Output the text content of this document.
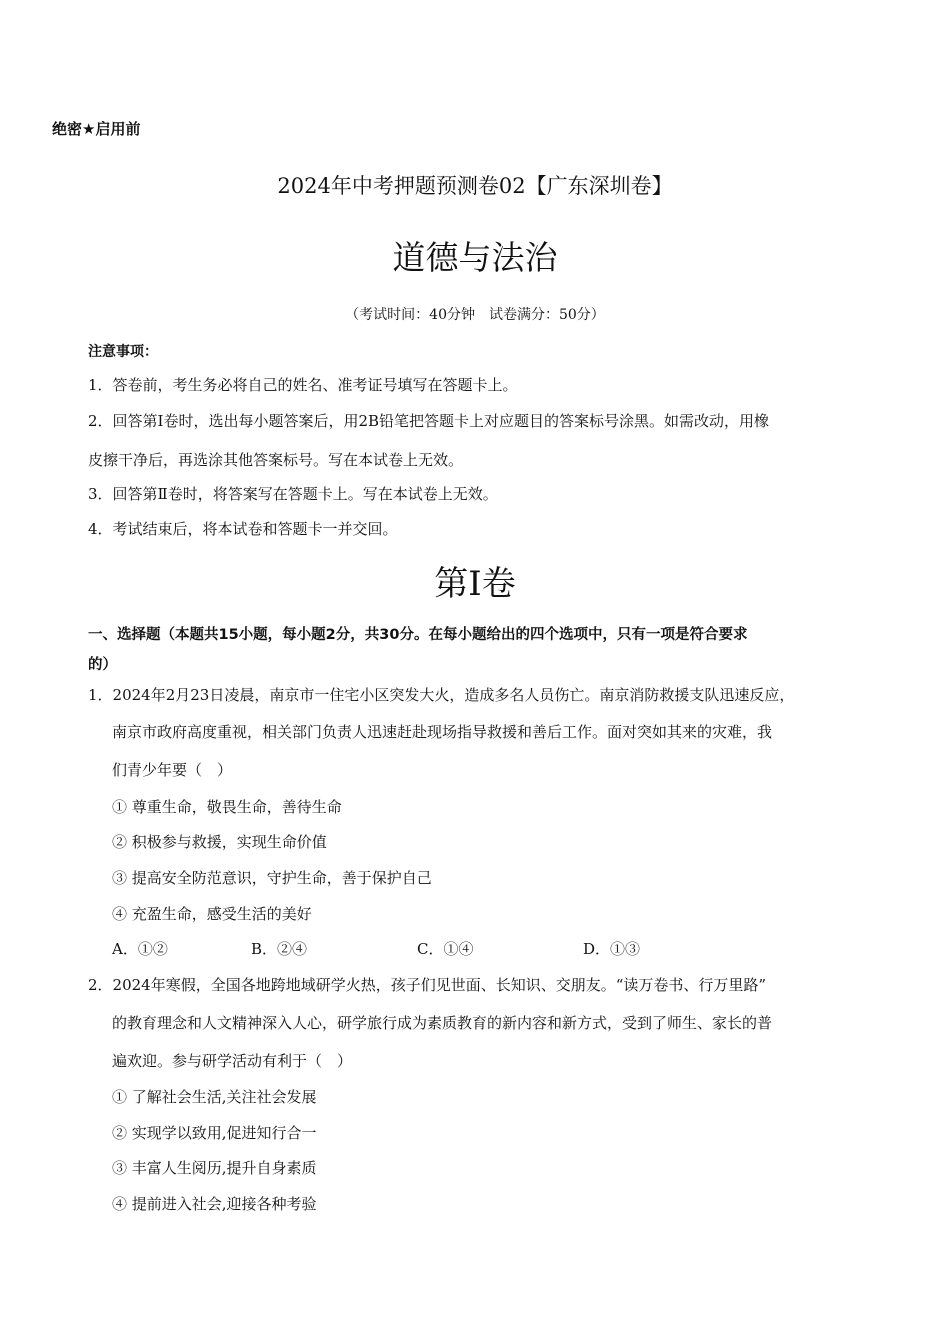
绝密★启用前
2024年中考押题预测卷02【广东深圳卷】
道德与法治
（考试时间：40分钟　试卷满分：50分）
注意事项：
1．答卷前，考生务必将自己的姓名、准考证号填写在答题卡上。
2．回答第Ⅰ卷时，选出每小题答案后，用2B铅笔把答题卡上对应题目的答案标号涂黑。如需改动，用橡
皮擦干净后，再选涂其他答案标号。写在本试卷上无效。
3．回答第Ⅱ卷时，将答案写在答题卡上。写在本试卷上无效。
4．考试结束后，将本试卷和答题卡一并交回。
第Ⅰ卷
一、选择题（本题共15小题，每小题2分，共30分。在每小题给出的四个选项中，只有一项是符合要求
的）
1．2024年2月23日凌晨，南京市一住宅小区突发大火，造成多名人员伤亡。南京消防救援支队迅速反应，
南京市政府高度重视，相关部门负责人迅速赶赴现场指导救援和善后工作。面对突如其来的灾难，我
们青少年要（　）
① 尊重生命，敬畏生命，善待生命
② 积极参与救援，实现生命价值
③ 提高安全防范意识，守护生命，善于保护自己
④ 充盈生命，感受生活的美好
A．①②	B．②④	C．①④	D．①③
2．2024年寒假，全国各地跨地域研学火热，孩子们见世面、长知识、交朋友。“读万卷书、行万里路”
的教育理念和人文精神深入人心，研学旅行成为素质教育的新内容和新方式，受到了师生、家长的普
遍欢迎。参与研学活动有利于（　）
① 了解社会生活,关注社会发展
② 实现学以致用,促进知行合一
③ 丰富人生阅历,提升自身素质
④ 提前进入社会,迎接各种考验
